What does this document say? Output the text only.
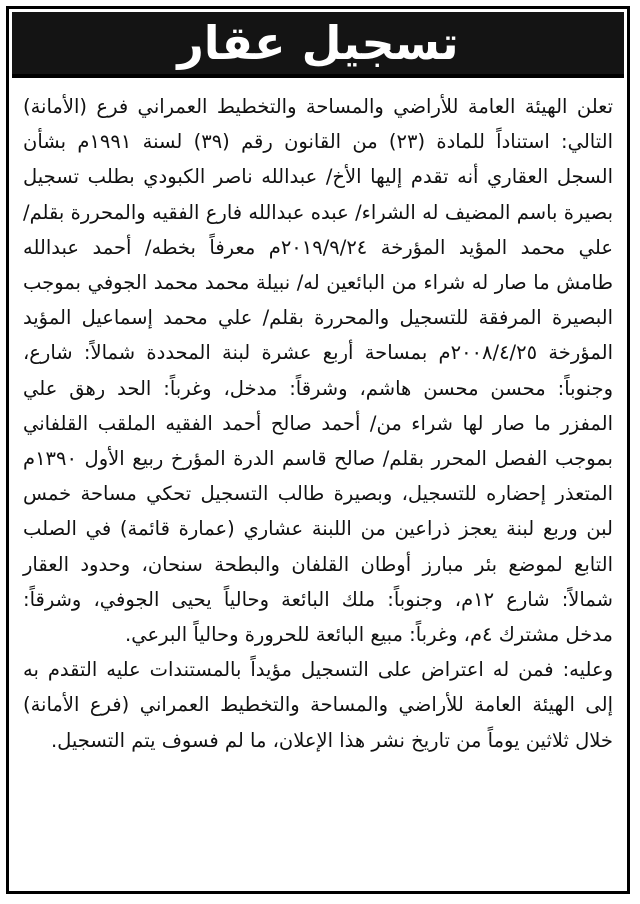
تسجيل عقار

تعلن الهيئة العامة للأراضي والمساحة والتخطيط العمراني فرع (الأمانة) التالي: استناداً للمادة (٢٣) من القانون رقم (٣٩) لسنة ١٩٩١م بشأن السجل العقاري أنه تقدم إليها الأخ/ عبدالله ناصر الكبودي بطلب تسجيل بصيرة باسم المضيف له الشراء/ عبده عبدالله فارع الفقيه والمحررة بقلم/ علي محمد المؤيد المؤرخة ٢٠١٩/٩/٢٤م معرفاً بخطه/ أحمد عبدالله طامش ما صار له شراء من البائعين له/ نبيلة محمد محمد الجوفي بموجب البصيرة المرفقة للتسجيل والمحررة بقلم/ علي محمد إسماعيل المؤيد المؤرخة ٢٠٠٨/٤/٢٥م بمساحة أربع عشرة لبنة المحددة شمالاً: شارع، وجنوباً: محسن محسن هاشم، وشرقاً: مدخل، وغرباً: الحد رهق علي المفزر ما صار لها شراء من/ أحمد صالح أحمد الفقيه الملقب القلفاني بموجب الفصل المحرر بقلم/ صالح قاسم الدرة المؤرخ ربيع الأول ١٣٩٠م المتعذر إحضاره للتسجيل، وبصيرة طالب التسجيل تحكي مساحة خمس لبن وربع لبنة يعجز ذراعين من اللبنة عشاري (عمارة قائمة) في الصلب التابع لموضع بئر مبارز أوطان القلفان والبطحة سنحان، وحدود العقار شمالاً: شارع ١٢م، وجنوباً: ملك البائعة وحالياً يحيى الجوفي، وشرقاً: مدخل مشترك ٤م، وغرباً: مبيع البائعة للحرورة وحالياً البرعي.

وعليه: فمن له اعتراض على التسجيل مؤيداً بالمستندات عليه التقدم به إلى الهيئة العامة للأراضي والمساحة والتخطيط العمراني (فرع الأمانة) خلال ثلاثين يوماً من تاريخ نشر هذا الإعلان، ما لم فسوف يتم التسجيل.
